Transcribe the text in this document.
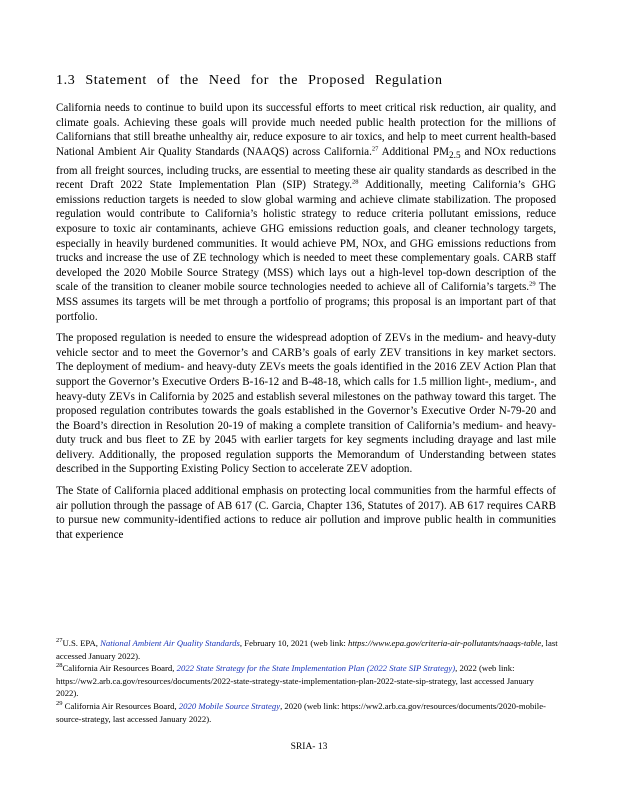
1.3 Statement of the Need for the Proposed Regulation

California needs to continue to build upon its successful efforts to meet critical risk reduction, air quality, and climate goals. Achieving these goals will provide much needed public health protection for the millions of Californians that still breathe unhealthy air, reduce exposure to air toxics, and help to meet current health-based National Ambient Air Quality Standards (NAAQS) across California.$^{27}$ Additional $PM_{2.5}$ and NOx reductions from all freight sources, including trucks, are essential to meeting these air quality standards as described in the recent Draft 2022 State Implementation Plan (SIP) Strategy.$^{28}$ Additionally, meeting California’s GHG emissions reduction targets is needed to slow global warming and achieve climate stabilization. The proposed regulation would contribute to California’s holistic strategy to reduce criteria pollutant emissions, reduce exposure to toxic air contaminants, achieve GHG emissions reduction goals, and cleaner technology targets, especially in heavily burdened communities. It would achieve PM, NOx, and GHG emissions reductions from trucks and increase the use of ZE technology which is needed to meet these complementary goals. CARB staff developed the 2020 Mobile Source Strategy (MSS) which lays out a high-level top-down description of the scale of the transition to cleaner mobile source technologies needed to achieve all of California’s targets.$^{29}$ The MSS assumes its targets will be met through a portfolio of programs; this proposal is an important part of that portfolio.

The proposed regulation is needed to ensure the widespread adoption of ZEVs in the medium- and heavy-duty vehicle sector and to meet the Governor’s and CARB’s goals of early ZEV transitions in key market sectors. The deployment of medium- and heavy-duty ZEVs meets the goals identified in the 2016 ZEV Action Plan that support the Governor’s Executive Orders B-16-12 and B-48-18, which calls for 1.5 million light-, medium-, and heavy-duty ZEVs in California by 2025 and establish several milestones on the pathway toward this target. The proposed regulation contributes towards the goals established in the Governor’s Executive Order N-79-20 and the Board’s direction in Resolution 20-19 of making a complete transition of California’s medium- and heavy-duty truck and bus fleet to ZE by 2045 with earlier targets for key segments including drayage and last mile delivery. Additionally, the proposed regulation supports the Memorandum of Understanding between states described in the Supporting Existing Policy Section to accelerate ZEV adoption.

The State of California placed additional emphasis on protecting local communities from the harmful effects of air pollution through the passage of AB 617 (C. Garcia, Chapter 136, Statutes of 2017). AB 617 requires CARB to pursue new community-identified actions to reduce air pollution and improve public health in communities that experience

$^{27}$U.S. EPA, National Ambient Air Quality Standards, February 10, 2021 (web link: https://www.epa.gov/criteria-air-pollutants/naaqs-table, last accessed January 2022).

$^{28}$California Air Resources Board, 2022 State Strategy for the State Implementation Plan (2022 State SIP Strategy), 2022 (web link: https://ww2.arb.ca.gov/resources/documents/2022-state-strategy-state-implementation-plan-2022-state-sip-strategy, last accessed January 2022).

$^{29}$ California Air Resources Board, 2020 Mobile Source Strategy, 2020 (web link: https://ww2.arb.ca.gov/resources/documents/2020-mobile-source-strategy, last accessed January 2022).

SRIA- 13
